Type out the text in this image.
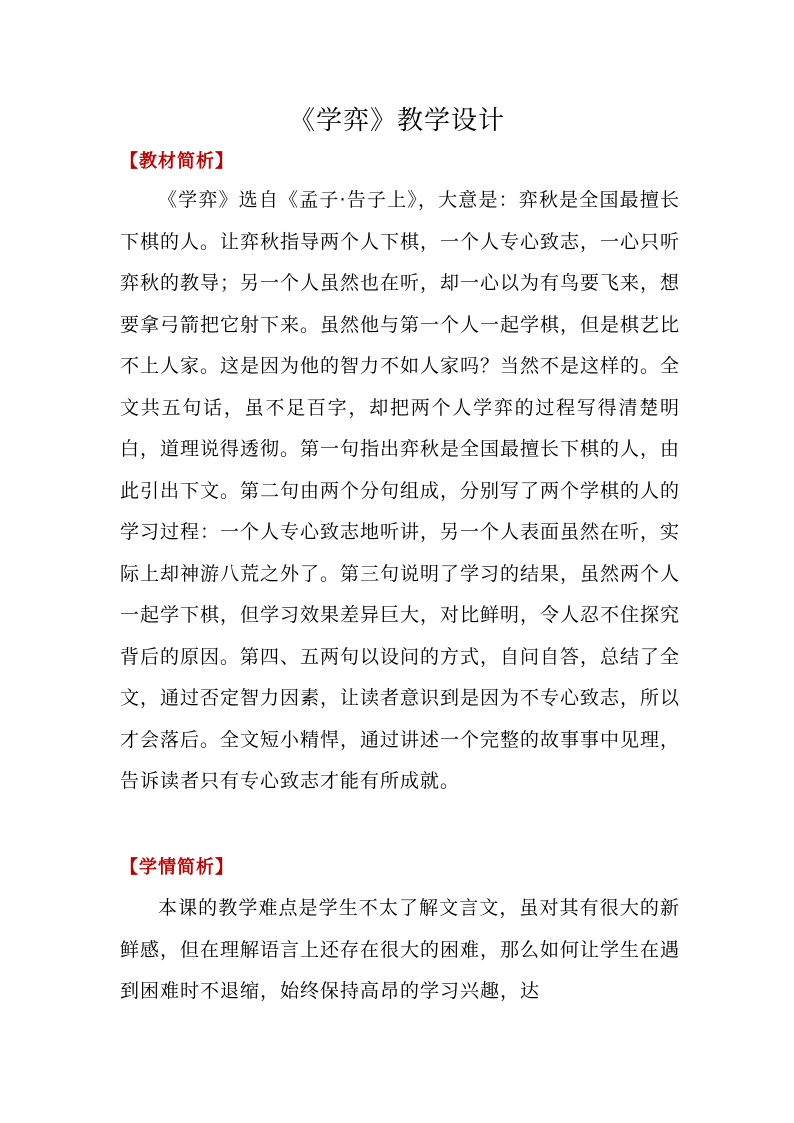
《学弈》教学设计
【教材简析】

《学弈》选自《孟子·告子上》，大意是：弈秋是全国最擅长下棋的人。让弈秋指导两个人下棋，一个人专心致志，一心只听弈秋的教导；另一个人虽然也在听，却一心以为有鸟要飞来，想要拿弓箭把它射下来。虽然他与第一个人一起学棋，但是棋艺比不上人家。这是因为他的智力不如人家吗？当然不是这样的。全文共五句话，虽不足百字，却把两个人学弈的过程写得清楚明白，道理说得透彻。第一句指出弈秋是全国最擅长下棋的人，由此引出下文。第二句由两个分句组成，分别写了两个学棋的人的学习过程：一个人专心致志地听讲，另一个人表面虽然在听，实际上却神游八荒之外了。第三句说明了学习的结果，虽然两个人一起学下棋，但学习效果差异巨大，对比鲜明，令人忍不住探究背后的原因。第四、五两句以设问的方式，自问自答，总结了全文，通过否定智力因素，让读者意识到是因为不专心致志，所以才会落后。全文短小精悍，通过讲述一个完整的故事事中见理，告诉读者只有专心致志才能有所成就。

【学情简析】

本课的教学难点是学生不太了解文言文，虽对其有很大的新鲜感，但在理解语言上还存在很大的困难，那么如何让学生在遇到困难时不退缩，始终保持高昂的学习兴趣，达
